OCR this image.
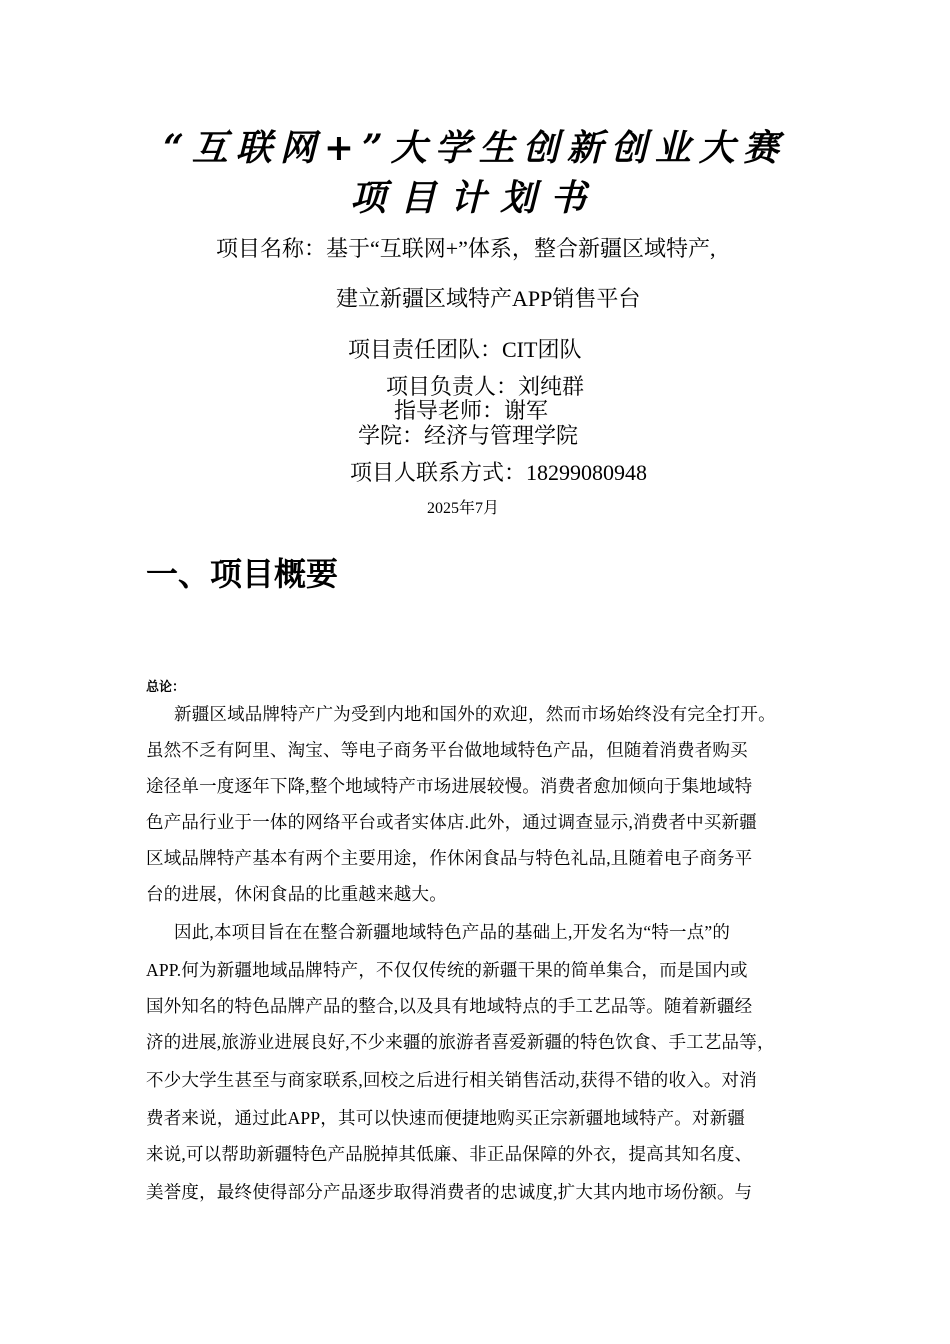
“互联网+”大学生创新创业大赛
项目计划书
项目名称：基于“互联网+”体系，整合新疆区域特产,
建立新疆区域特产APP销售平台
项目责任团队：CIT团队
项目负责人：刘纯群
指导老师：谢军
学院：经济与管理学院
项目人联系方式：18299080948
2025年7月
一、项目概要
总论：
新疆区域品牌特产广为受到内地和国外的欢迎，然而市场始终没有完全打开。
虽然不乏有阿里、淘宝、等电子商务平台做地域特色产品，但随着消费者购买
途径单一度逐年下降,整个地域特产市场进展较慢。消费者愈加倾向于集地域特
色产品行业于一体的网络平台或者实体店.此外，通过调查显示,消费者中买新疆
区域品牌特产基本有两个主要用途，作休闲食品与特色礼品,且随着电子商务平
台的进展，休闲食品的比重越来越大。
因此,本项目旨在在整合新疆地域特色产品的基础上,开发名为“特一点”的
APP.何为新疆地域品牌特产，不仅仅传统的新疆干果的简单集合，而是国内或
国外知名的特色品牌产品的整合,以及具有地域特点的手工艺品等。随着新疆经
济的进展,旅游业进展良好,不少来疆的旅游者喜爱新疆的特色饮食、手工艺品等，
不少大学生甚至与商家联系,回校之后进行相关销售活动,获得不错的收入。对消
费者来说，通过此APP，其可以快速而便捷地购买正宗新疆地域特产。对新疆
来说,可以帮助新疆特色产品脱掉其低廉、非正品保障的外衣，提高其知名度、
美誉度，最终使得部分产品逐步取得消费者的忠诚度,扩大其内地市场份额。与
